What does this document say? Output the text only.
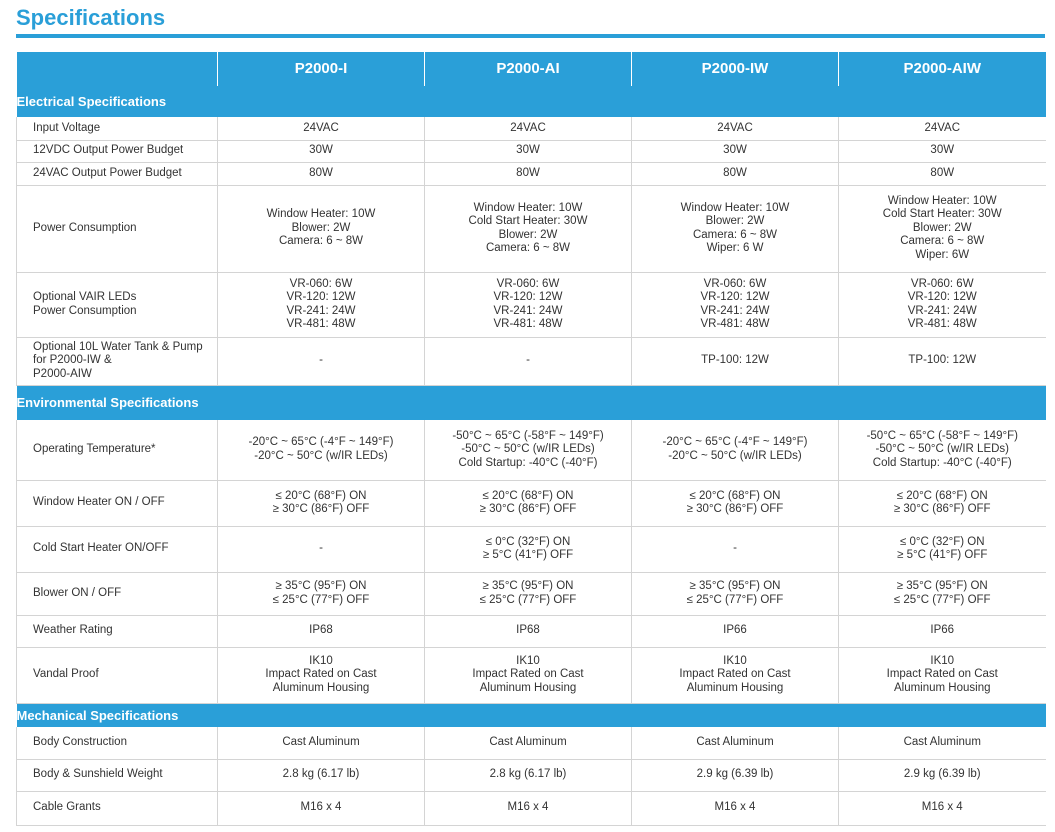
Specifications
	P2000-I	P2000-AI	P2000-IW	P2000-AIW
Electrical Specifications				
Input Voltage	24VAC	24VAC	24VAC	24VAC
12VDC Output Power Budget	30W	30W	30W	30W
24VAC Output Power Budget	80W	80W	80W	80W
Power Consumption	Window Heater: 10W
Blower: 2W
Camera: 6 ~ 8W	Window Heater: 10W
Cold Start Heater: 30W
Blower: 2W
Camera: 6 ~ 8W	Window Heater: 10W
Blower: 2W
Camera: 6 ~ 8W
Wiper: 6 W	Window Heater: 10W
Cold Start Heater: 30W
Blower: 2W
Camera: 6 ~ 8W
Wiper: 6W
Optional VAIR LEDs
Power Consumption	VR-060: 6W
VR-120: 12W
VR-241: 24W
VR-481: 48W	VR-060: 6W
VR-120: 12W
VR-241: 24W
VR-481: 48W	VR-060: 6W
VR-120: 12W
VR-241: 24W
VR-481: 48W	VR-060: 6W
VR-120: 12W
VR-241: 24W
VR-481: 48W
Optional 10L Water Tank & Pump
for P2000-IW &
P2000-AIW	-	-	TP-100: 12W	TP-100: 12W
Environmental Specifications				
Operating Temperature*	-20°C ~ 65°C (-4°F ~ 149°F)
-20°C ~ 50°C (w/IR LEDs)	-50°C ~ 65°C (-58°F ~ 149°F)
-50°C ~ 50°C (w/IR LEDs)
Cold Startup: -40°C (-40°F)	-20°C ~ 65°C (-4°F ~ 149°F)
-20°C ~ 50°C (w/IR LEDs)	-50°C ~ 65°C (-58°F ~ 149°F)
-50°C ~ 50°C (w/IR LEDs)
Cold Startup: -40°C (-40°F)
Window Heater ON / OFF	≤ 20°C (68°F) ON
≥ 30°C (86°F) OFF	≤ 20°C (68°F) ON
≥ 30°C (86°F) OFF	≤ 20°C (68°F) ON
≥ 30°C (86°F) OFF	≤ 20°C (68°F) ON
≥ 30°C (86°F) OFF
Cold Start Heater ON/OFF	-	≤ 0°C (32°F) ON
≥ 5°C (41°F) OFF	-	≤ 0°C (32°F) ON
≥ 5°C (41°F) OFF
Blower ON / OFF	≥ 35°C (95°F) ON
≤ 25°C (77°F) OFF	≥ 35°C (95°F) ON
≤ 25°C (77°F) OFF	≥ 35°C (95°F) ON
≤ 25°C (77°F) OFF	≥ 35°C (95°F) ON
≤ 25°C (77°F) OFF
Weather Rating	IP68	IP68	IP66	IP66
Vandal Proof	IK10
Impact Rated on Cast
Aluminum Housing	IK10
Impact Rated on Cast
Aluminum Housing	IK10
Impact Rated on Cast
Aluminum Housing	IK10
Impact Rated on Cast
Aluminum Housing
Mechanical Specifications				
Body Construction	Cast Aluminum	Cast Aluminum	Cast Aluminum	Cast Aluminum
Body & Sunshield Weight	2.8 kg (6.17 lb)	2.8 kg (6.17 lb)	2.9 kg (6.39 lb)	2.9 kg (6.39 lb)
Cable Grants	M16 x 4	M16 x 4	M16 x 4	M16 x 4
